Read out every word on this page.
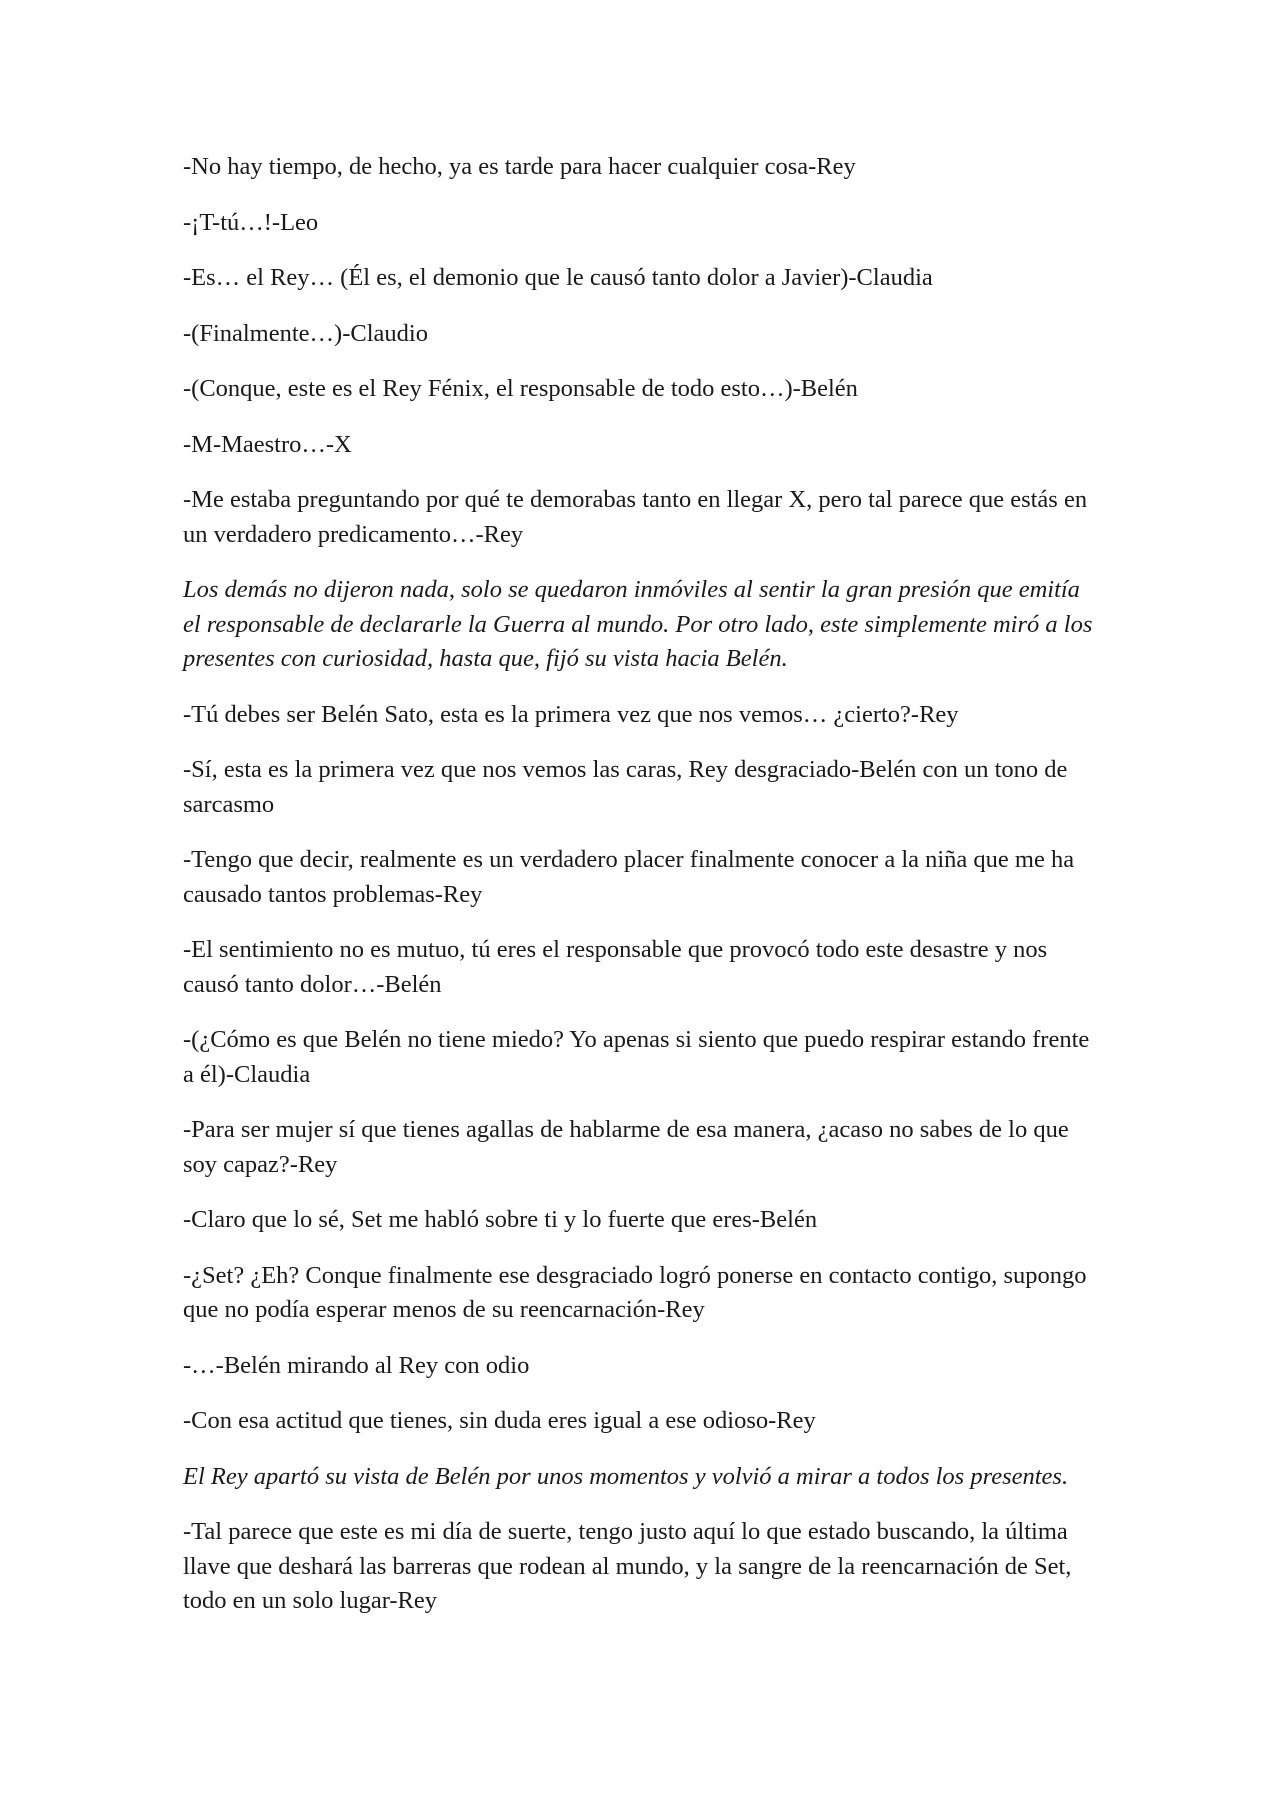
-No hay tiempo, de hecho, ya es tarde para hacer cualquier cosa-Rey

-¡T-tú…!-Leo

-Es… el Rey… (Él es, el demonio que le causó tanto dolor a Javier)-Claudia

-(Finalmente…)-Claudio

-(Conque, este es el Rey Fénix, el responsable de todo esto…)-Belén

-M-Maestro…-X

-Me estaba preguntando por qué te demorabas tanto en llegar X, pero tal parece que estás en un verdadero predicamento…-Rey

Los demás no dijeron nada, solo se quedaron inmóviles al sentir la gran presión que emitía el responsable de declararle la Guerra al mundo. Por otro lado, este simplemente miró a los presentes con curiosidad, hasta que, fijó su vista hacia Belén.

-Tú debes ser Belén Sato, esta es la primera vez que nos vemos… ¿cierto?-Rey

-Sí, esta es la primera vez que nos vemos las caras, Rey desgraciado-Belén con un tono de sarcasmo

-Tengo que decir, realmente es un verdadero placer finalmente conocer a la niña que me ha causado tantos problemas-Rey

-El sentimiento no es mutuo, tú eres el responsable que provocó todo este desastre y nos causó tanto dolor…-Belén

-(¿Cómo es que Belén no tiene miedo? Yo apenas si siento que puedo respirar estando frente a él)-Claudia

-Para ser mujer sí que tienes agallas de hablarme de esa manera, ¿acaso no sabes de lo que soy capaz?-Rey

-Claro que lo sé, Set me habló sobre ti y lo fuerte que eres-Belén

-¿Set? ¿Eh? Conque finalmente ese desgraciado logró ponerse en contacto contigo, supongo que no podía esperar menos de su reencarnación-Rey

-…-Belén mirando al Rey con odio

-Con esa actitud que tienes, sin duda eres igual a ese odioso-Rey

El Rey apartó su vista de Belén por unos momentos y volvió a mirar a todos los presentes.

-Tal parece que este es mi día de suerte, tengo justo aquí lo que estado buscando, la última llave que deshará las barreras que rodean al mundo, y la sangre de la reencarnación de Set, todo en un solo lugar-Rey
